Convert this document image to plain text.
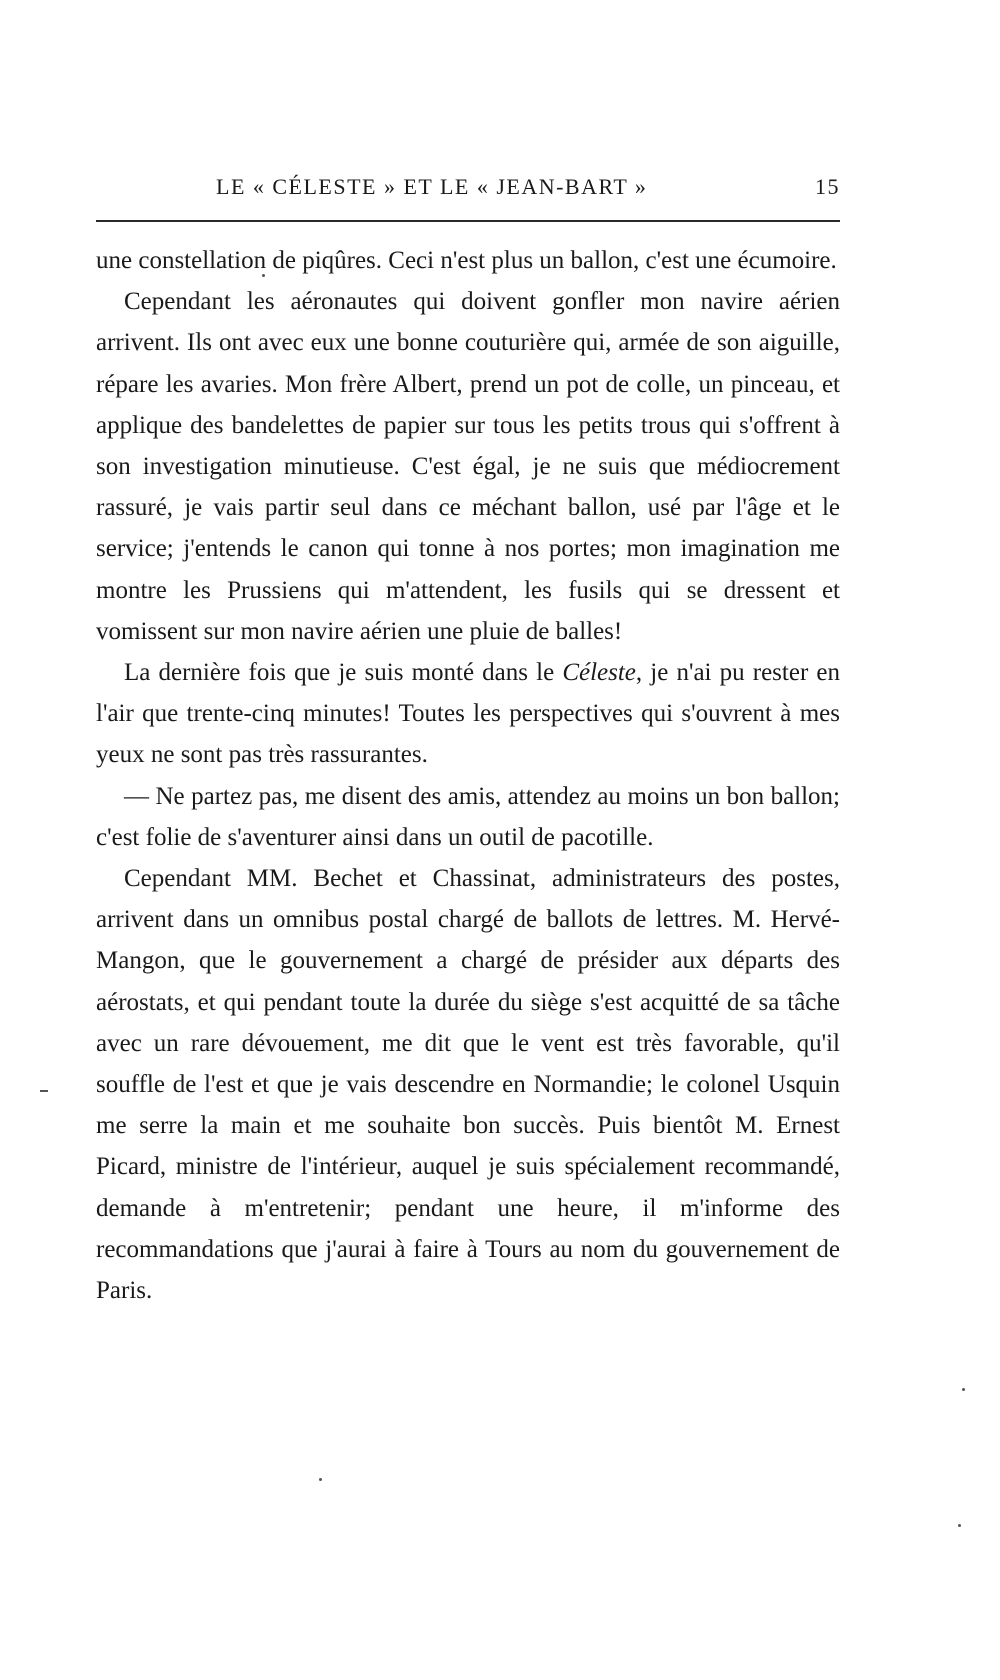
LE « CÉLESTE » ET LE « JEAN-BART »	15

une constellation de piqûres. Ceci n'est plus un ballon, c'est une écumoire.

Cependant les aéronautes qui doivent gonfler mon navire aérien arrivent. Ils ont avec eux une bonne couturière qui, armée de son aiguille, répare les avaries. Mon frère Albert, prend un pot de colle, un pinceau, et applique des bandelettes de papier sur tous les petits trous qui s'offrent à son investigation minutieuse. C'est égal, je ne suis que médiocrement rassuré, je vais partir seul dans ce méchant ballon, usé par l'âge et le service; j'entends le canon qui tonne à nos portes; mon imagination me montre les Prussiens qui m'attendent, les fusils qui se dressent et vomissent sur mon navire aérien une pluie de balles!

La dernière fois que je suis monté dans le Céleste, je n'ai pu rester en l'air que trente-cinq minutes! Toutes les perspectives qui s'ouvrent à mes yeux ne sont pas très rassurantes.

— Ne partez pas, me disent des amis, attendez au moins un bon ballon; c'est folie de s'aventurer ainsi dans un outil de pacotille.

Cependant MM. Bechet et Chassinat, administrateurs des postes, arrivent dans un omnibus postal chargé de ballots de lettres. M. Hervé-Mangon, que le gouvernement a chargé de présider aux départs des aérostats, et qui pendant toute la durée du siège s'est acquitté de sa tâche avec un rare dévouement, me dit que le vent est très favorable, qu'il souffle de l'est et que je vais descendre en Normandie; le colonel Usquin me serre la main et me souhaite bon succès. Puis bientôt M. Ernest Picard, ministre de l'intérieur, auquel je suis spécialement recommandé, demande à m'entretenir; pendant une heure, il m'informe des recommandations que j'aurai à faire à Tours au nom du gouvernement de Paris.
